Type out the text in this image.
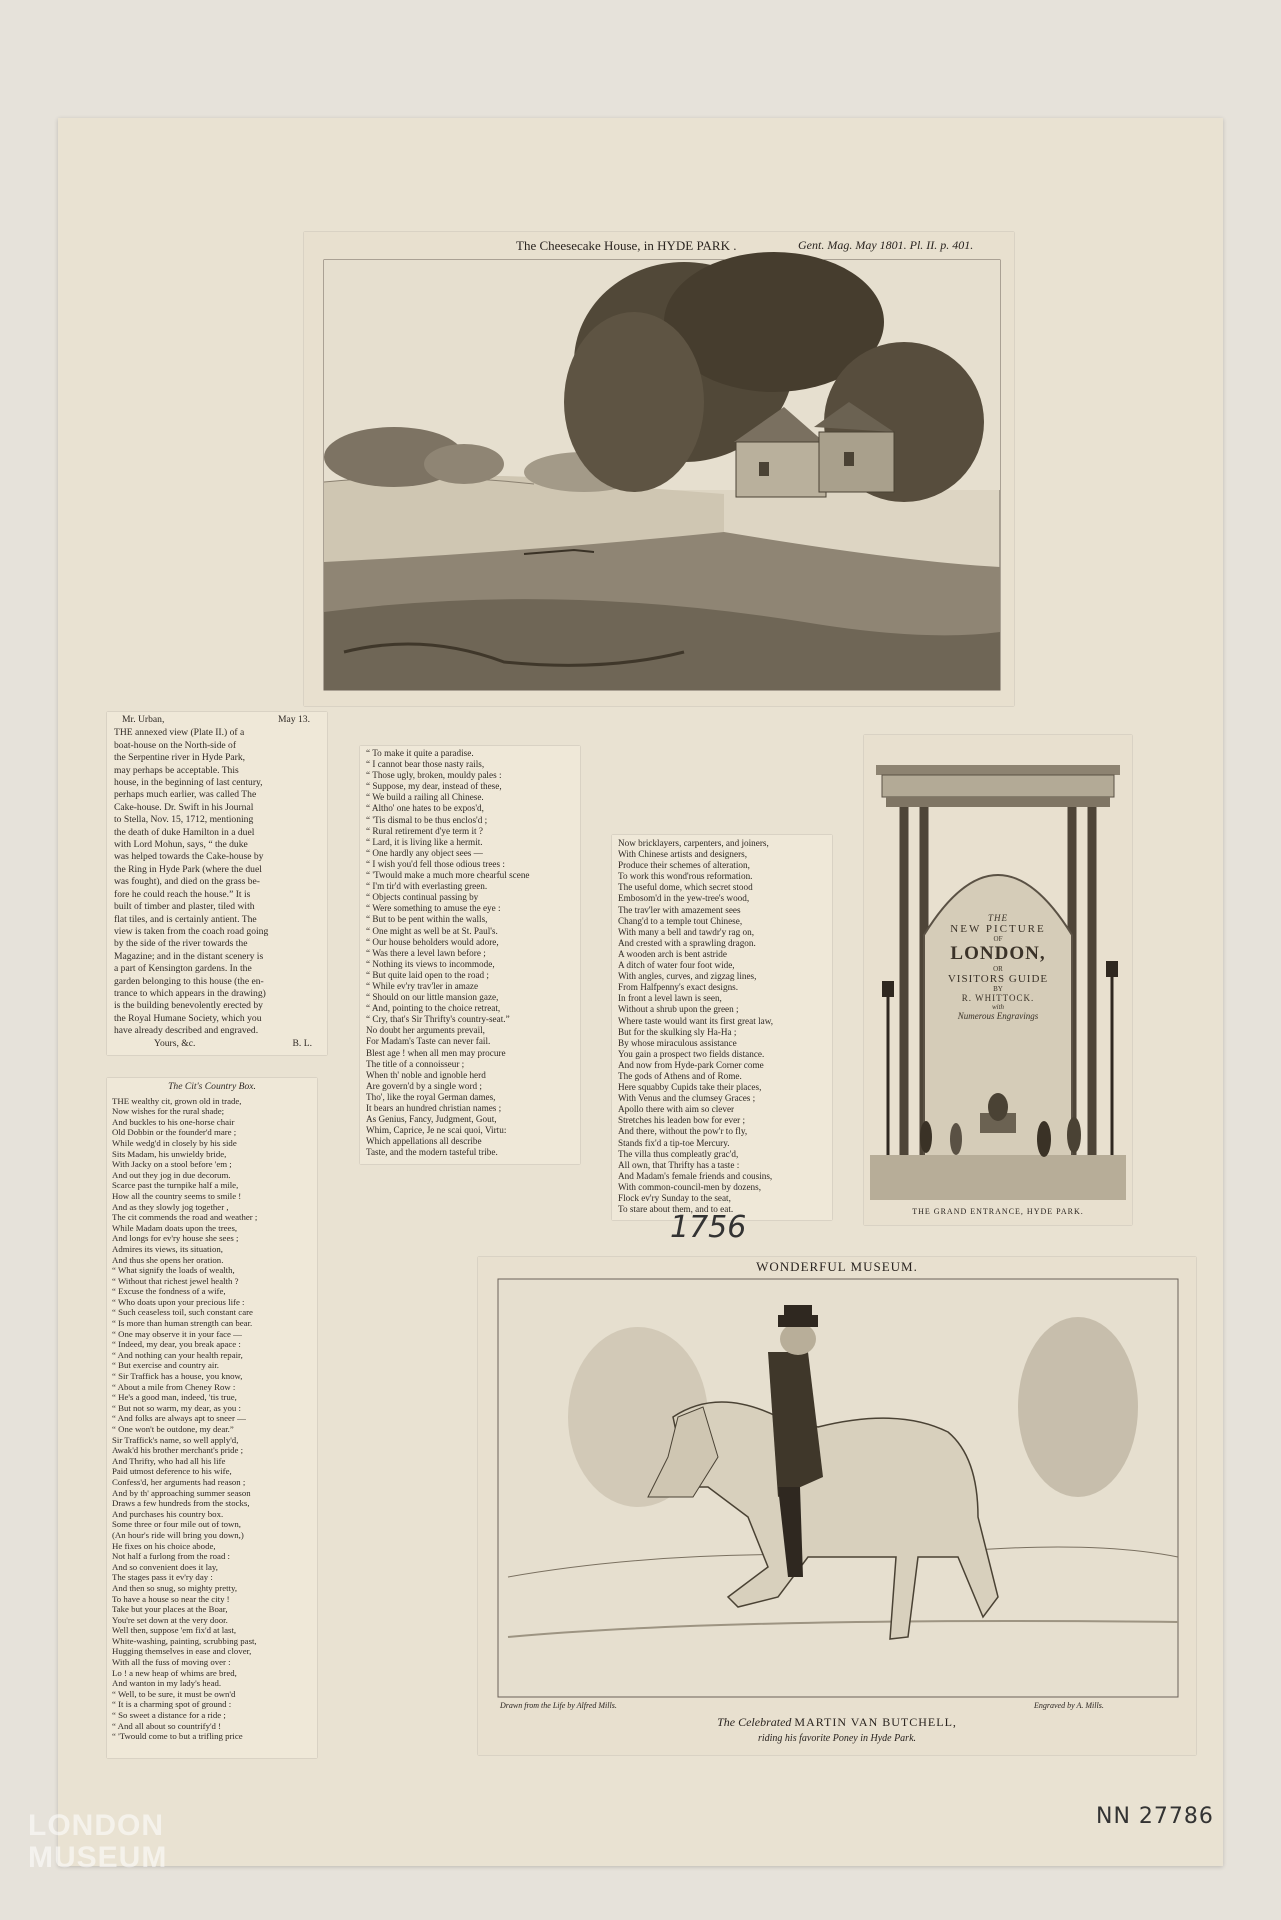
The Cheesecake House, in HYDE PARK .	Gent. Mag. May 1801. Pl. II. p. 401.
Mr. Urban,	May 13.
THE annexed view (Plate II.) of a
boat-house on the North-side of
the Serpentine river in Hyde Park,
may perhaps be acceptable. This
house, in the beginning of last century,
perhaps much earlier, was called The
Cake-house. Dr. Swift in his Journal
to Stella, Nov. 15, 1712, mentioning
the death of duke Hamilton in a duel
with Lord Mohun, says, “ the duke
was helped towards the Cake-house by
the Ring in Hyde Park (where the duel
was fought), and died on the grass be-
fore he could reach the house.” It is
built of timber and plaster, tiled with
flat tiles, and is certainly antient. The
view is taken from the coach road going
by the side of the river towards the
Magazine; and in the distant scenery is
a part of Kensington gardens. In the
garden belonging to this house (the en-
trance to which appears in the drawing)
is the building benevolently erected by
the Royal Humane Society, which you
have already described and engraved.
Yours, &c.	B. L.
The Cit's Country Box.
THE wealthy cit, grown old in trade,
Now wishes for the rural shade;
And buckles to his one-horse chair
Old Dobbin or the founder'd mare ;
While wedg'd in closely by his side
Sits Madam, his unwieldy bride,
With Jacky on a stool before 'em ;
And out they jog in due decorum.
Scarce past the turnpike half a mile,
How all the country seems to smile !
And as they slowly jog together ,
The cit commends the road and weather ;
While Madam doats upon the trees,
And longs for ev'ry house she sees ;
Admires its views, its situation,
And thus she opens her oration.
“ What signify the loads of wealth,
“ Without that richest jewel health ?
“ Excuse the fondness of a wife,
“ Who doats upon your precious life :
“ Such ceaseless toil, such constant care
“ Is more than human strength can bear.
“ One may observe it in your face —
“ Indeed, my dear, you break apace :
“ And nothing can your health repair,
“ But exercise and country air.
“ Sir Traffick has a house, you know,
“ About a mile from Cheney Row :
“ He's a good man, indeed, 'tis true,
“ But not so warm, my dear, as you :
“ And folks are always apt to sneer —
“ One won't be outdone, my dear.”
Sir Traffick's name, so well apply'd,
Awak'd his brother merchant's pride ;
And Thrifty, who had all his life
Paid utmost deference to his wife,
Confess'd, her arguments had reason ;
And by th' approaching summer season
Draws a few hundreds from the stocks,
And purchases his country box.
Some three or four mile out of town,
(An hour's ride will bring you down,)
He fixes on his choice abode,
Not half a furlong from the road :
And so convenient does it lay,
The stages pass it ev'ry day :
And then so snug, so mighty pretty,
To have a house so near the city !
Take but your places at the Boar,
You're set down at the very door.
Well then, suppose 'em fix'd at last,
White-washing, painting, scrubbing past,
Hugging themselves in ease and clover,
With all the fuss of moving over :
Lo ! a new heap of whims are bred,
And wanton in my lady's head.
“ Well, to be sure, it must be own'd
“ It is a charming spot of ground :
“ So sweet a distance for a ride ;
“ And all about so countrify'd !
“ 'Twould come to but a trifling price
“ To make it quite a paradise.
“ I cannot bear those nasty rails,
“ Those ugly, broken, mouldy pales :
“ Suppose, my dear, instead of these,
“ We build a railing all Chinese.
“ Altho' one hates to be expos'd,
“ 'Tis dismal to be thus enclos'd ;
“ Rural retirement d'ye term it ?
“ Lard, it is living like a hermit.
“ One hardly any object sees —
“ I wish you'd fell those odious trees :
“ 'Twould make a much more chearful scene
“ I'm tir'd with everlasting green.
“ Objects continual passing by
“ Were something to amuse the eye :
“ But to be pent within the walls,
“ One might as well be at St. Paul's.
“ Our house beholders would adore,
“ Was there a level lawn before ;
“ Nothing its views to incommode,
“ But quite laid open to the road ;
“ While ev'ry trav'ler in amaze
“ Should on our little mansion gaze,
“ And, pointing to the choice retreat,
“ Cry, that's Sir Thrifty's country-seat.”
No doubt her arguments prevail,
For Madam's Taste can never fail.
Blest age ! when all men may procure
The title of a connoisseur ;
When th' noble and ignoble herd
Are govern'd by a single word ;
Tho', like the royal German dames,
It bears an hundred christian names ;
As Genius, Fancy, Judgment, Gout,
Whim, Caprice, Je ne scai quoi, Virtu:
Which appellations all describe
Taste, and the modern tasteful tribe.
Now bricklayers, carpenters, and joiners,
With Chinese artists and designers,
Produce their schemes of alteration,
To work this wond'rous reformation.
The useful dome, which secret stood
Embosom'd in the yew-tree's wood,
The trav'ler with amazement sees
Chang'd to a temple tout Chinese,
With many a bell and tawdr'y rag on,
And crested with a sprawling dragon.
A wooden arch is bent astride
A ditch of water four foot wide,
With angles, curves, and zigzag lines,
From Halfpenny's exact designs.
In front a level lawn is seen,
Without a shrub upon the green ;
Where taste would want its first great law,
But for the skulking sly Ha-Ha ;
By whose miraculous assistance
You gain a prospect two fields distance.
And now from Hyde-park Corner come
The gods of Athens and of Rome.
Here squabby Cupids take their places,
With Venus and the clumsey Graces ;
Apollo there with aim so clever
Stretches his leaden bow for ever ;
And there, without the pow'r to fly,
Stands fix'd a tip-toe Mercury.
The villa thus compleatly grac'd,
All own, that Thrifty has a taste :
And Madam's female friends and cousins,
With common-council-men by dozens,
Flock ev'ry Sunday to the seat,
To stare about them, and to eat.
THE
NEW PICTURE
OF
LONDON,
OR
VISITORS GUIDE
BY
R. WHITTOCK.
with
Numerous Engravings
THE GRAND ENTRANCE, HYDE PARK.
1756
WONDERFUL MUSEUM.
Drawn from the Life by Alfred Mills.	Engraved by A. Mills.
The Celebrated MARTIN VAN BUTCHELL,
riding his favorite Poney in Hyde Park.
NN 27786
LONDON
MUSEUM
